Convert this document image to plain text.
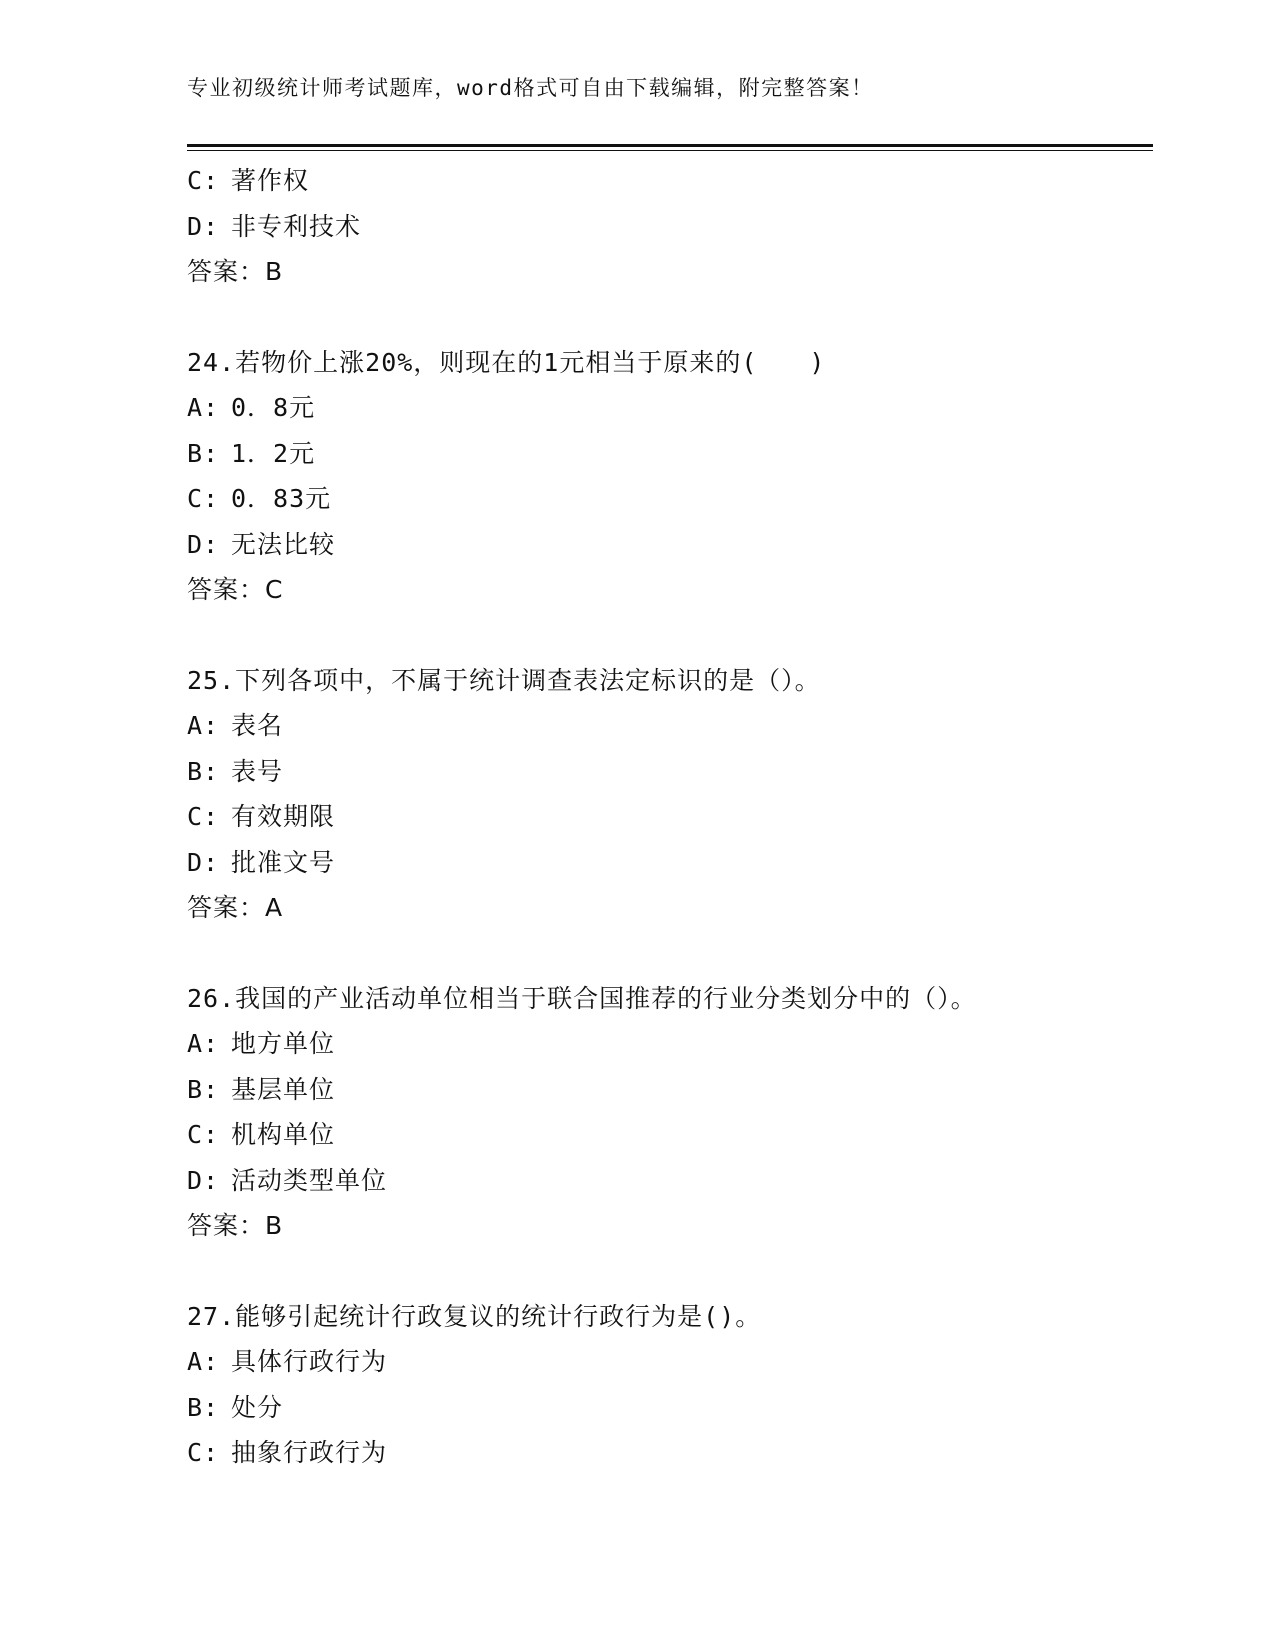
专业初级统计师考试题库，word格式可自由下载编辑，附完整答案！
C: 著作权
D: 非专利技术
答案：B
24.若物价上涨20%，则现在的1元相当于原来的(　　)
A: 0．8元
B: 1．2元
C: 0．83元
D: 无法比较
答案：C
25.下列各项中，不属于统计调查表法定标识的是（）。
A: 表名
B: 表号
C: 有效期限
D: 批准文号
答案：A
26.我国的产业活动单位相当于联合国推荐的行业分类划分中的（）。
A: 地方单位
B: 基层单位
C: 机构单位
D: 活动类型单位
答案：B
27.能够引起统计行政复议的统计行政行为是()。
A: 具体行政行为
B: 处分
C: 抽象行政行为
